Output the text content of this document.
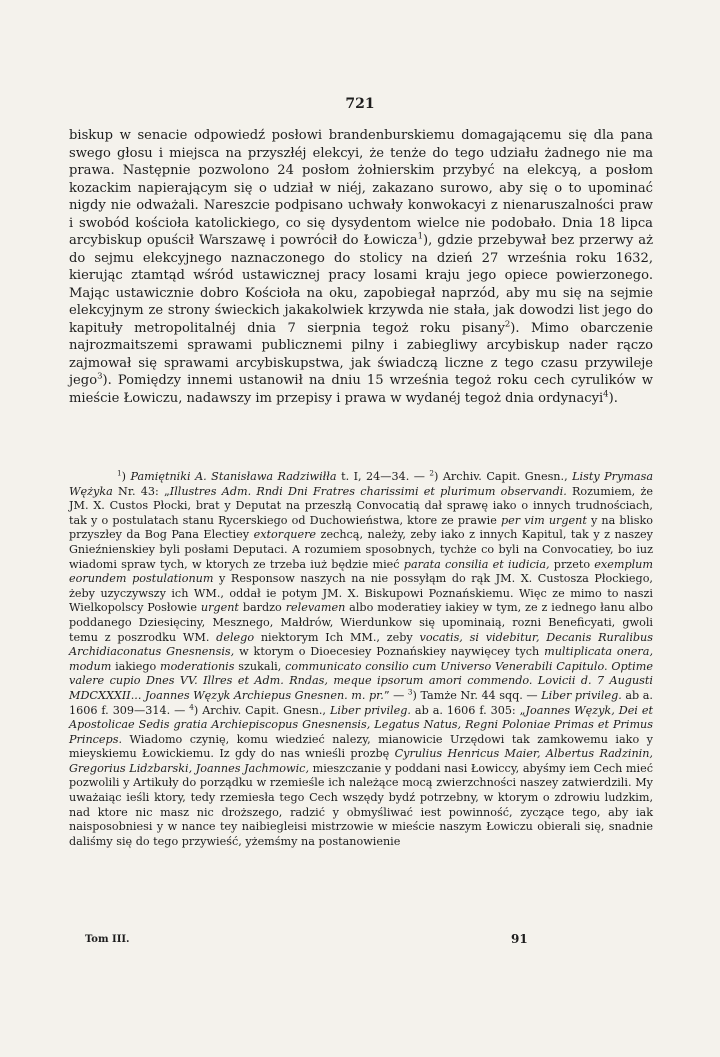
721

biskup w senacie odpowiedź posłowi brandenburskiemu domagającemu się dla pana swego głosu i miejsca na przyszłéj elekcyi, że tenże do tego udziału żadnego nie ma prawa. Następnie pozwolono 24 posłom żołnierskim przybyć na elekcyą, a posłom kozackim napierającym się o udział w niéj, zakazano surowo, aby się o to upominać nigdy nie odważali. Nareszcie podpisano uchwały konwokacyi z nienaruszalności praw i swobód kościoła katolickiego, co się dysydentom wielce nie podobało. Dnia 18 lipca arcybiskup opuścił Warszawę i powrócił do Łowicza$^1$), gdzie przebywał bez przerwy aż do sejmu elekcyjnego naznaczonego do stolicy na dzień 27 września roku 1632, kierując ztamtąd wśród ustawicznej pracy losami kraju jego opiece powierzonego. Mając ustawicznie dobro Kościoła na oku, zapobiegał naprzód, aby mu się na sejmie elekcyjnym ze strony świeckich jakakolwiek krzywda nie stała, jak dowodzi list jego do kapituły metropolitalnéj dnia 7 sierpnia tegoż roku pisany$^2$). Mimo obarczenie najrozmaitszemi sprawami publicznemi pilny i zabiegliwy arcybiskup nader rączo zajmował się sprawami arcybiskupstwa, jak świadczą liczne z tego czasu przywileje jego$^3$). Pomiędzy innemi ustanowił na dniu 15 września tegoż roku cech cyrulików w mieście Łowiczu, nadawszy im przepisy i prawa w wydanéj tegoż dnia ordynacyi$^4$).

$^1$) Pamiętniki A. Stanisława Radziwiłła t. I, 24—34. — $^2$) Archiv. Capit. Gnesn., Listy Prymasa Wężyka Nr. 43: „Illustres Adm. Rndi Dni Fratres charissimi et plurimum observandi. Rozumiem, że JM. X. Custos Płocki, brat y Deputat na przeszłą Convocatią dał sprawę iako o innych trudnościach, tak y o postulatach stanu Rycerskiego od Duchowieństwa, ktore ze prawie per vim urgent y na blisko przyszłey da Bog Pana Electiey extorquere zechcą, należy, zeby iako z innych Kapitul, tak y z naszey Gnieźnienskiey byli posłami Deputaci. A rozumiem sposobnych, tychże co byli na Convocatiey, bo iuz wiadomi spraw tych, w ktorych ze trzeba iuż będzie mieć parata consilia et iudicia, przeto exemplum eorundem postulationum y Responsow naszych na nie possyłąm do rąk JM. X. Custosza Płockiego, żeby uzyczywszy ich WM., oddał ie potym JM. X. Biskupowi Poznańskiemu. Więc ze mimo to naszi Wielkopolscy Posłowie urgent bardzo relevamen albo moderatiey iakiey w tym, ze z iednego łanu albo poddanego Dziesięciny, Mesznego, Małdrów, Wierdunkow się upominaią, rozni Beneficyati, gwoli temu z poszrodku WM. delego niektorym Ich MM., zeby vocatis, si videbitur, Decanis Ruralibus Archidiaconatus Gnesnensis, w ktorym o Dioecesiey Poznańskiey naywięcey tych multiplicata onera, modum iakiego moderationis szukali, communicato consilio cum Universo Venerabili Capitulo. Optime valere cupio Dnes VV. Illres et Adm. Rndas, meque ipsorum amori commendo. Lovicii d. 7 Augusti MDCXXXII... Joannes Węzyk Archiepus Gnesnen. m. pr.” — $^3$) Tamże Nr. 44 sqq. — Liber privileg. ab a. 1606 f. 309—314. — $^4$) Archiv. Capit. Gnesn., Liber privileg. ab a. 1606 f. 305: „Joannes Węzyk, Dei et Apostolicae Sedis gratia Archiepiscopus Gnesnensis, Legatus Natus, Regni Poloniae Primas et Primus Princeps. Wiadomo czynię, komu wiedzieć nalezy, mianowicie Urzędowi tak zamkowemu iako y mieyskiemu Łowickiemu. Iz gdy do nas wnieśli prozbę Cyrulius Henricus Maier, Albertus Radzinin, Gregorius Lidzbarski, Joannes Jachmowic, mieszczanie y poddani nasi Łowiccy, abyśmy iem Cech mieć pozwolili y Artikuły do porządku w rzemieśle ich należące mocą zwierzchności naszey zatwierdzili. My uważaiąc ieśli ktory, tedy rzemiesła tego Cech wszędy bydź potrzebny, w ktorym o zdrowiu ludzkim, nad ktore nic masz nic droższego, radzić y obmyśliwać iest powinność, zyczące tego, aby iak naisposobniesi y w nance tey naibiegleisi mistrzowie w mieście naszym Łowiczu obierali się, snadnie daliśmy się do tego przywieść, yżemśmy na postanowienie

Tom III.	91
